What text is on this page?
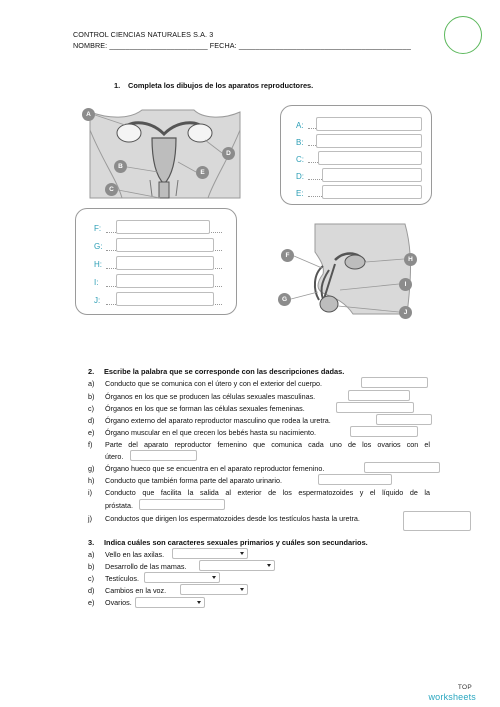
CONTROL CIENCIAS NATURALES S.A. 3
NOMBRE: ________________________ FECHA: __________________________________________
1. Completa los dibujos de los aparatos reproductores.
A
B
C
D
E
A:
B:
C:
D:
E:
F:
G:
H:
I:
J:
F
G
H
I
J
2. Escribe la palabra que se corresponde con las descripciones dadas.
a) Conducto que se comunica con el útero y con el exterior del cuerpo.
b) Órganos en los que se producen las células sexuales masculinas.
c) Órganos en los que se forman las células sexuales femeninas.
d) Órgano externo del aparato reproductor masculino que rodea la uretra.
e) Órgano muscular en el que crecen los bebés hasta su nacimiento.
f) Parte del aparato reproductor femenino que comunica cada uno de los ovarios con el
útero.
g) Órgano hueco que se encuentra en el aparato reproductor femenino.
h) Conducto que también forma parte del aparato urinario.
i) Conducto que facilita la salida al exterior de los espermatozoides y el líquido de la
próstata.
j) Conductos que dirigen los espermatozoides desde los testículos hasta la uretra.
3. Indica cuáles son caracteres sexuales primarios y cuáles son secundarios.
a) Vello en las axilas.
b) Desarrollo de las mamas.
c) Testículos.
d) Cambios en la voz.
e) Ovarios.
TOP
worksheets
